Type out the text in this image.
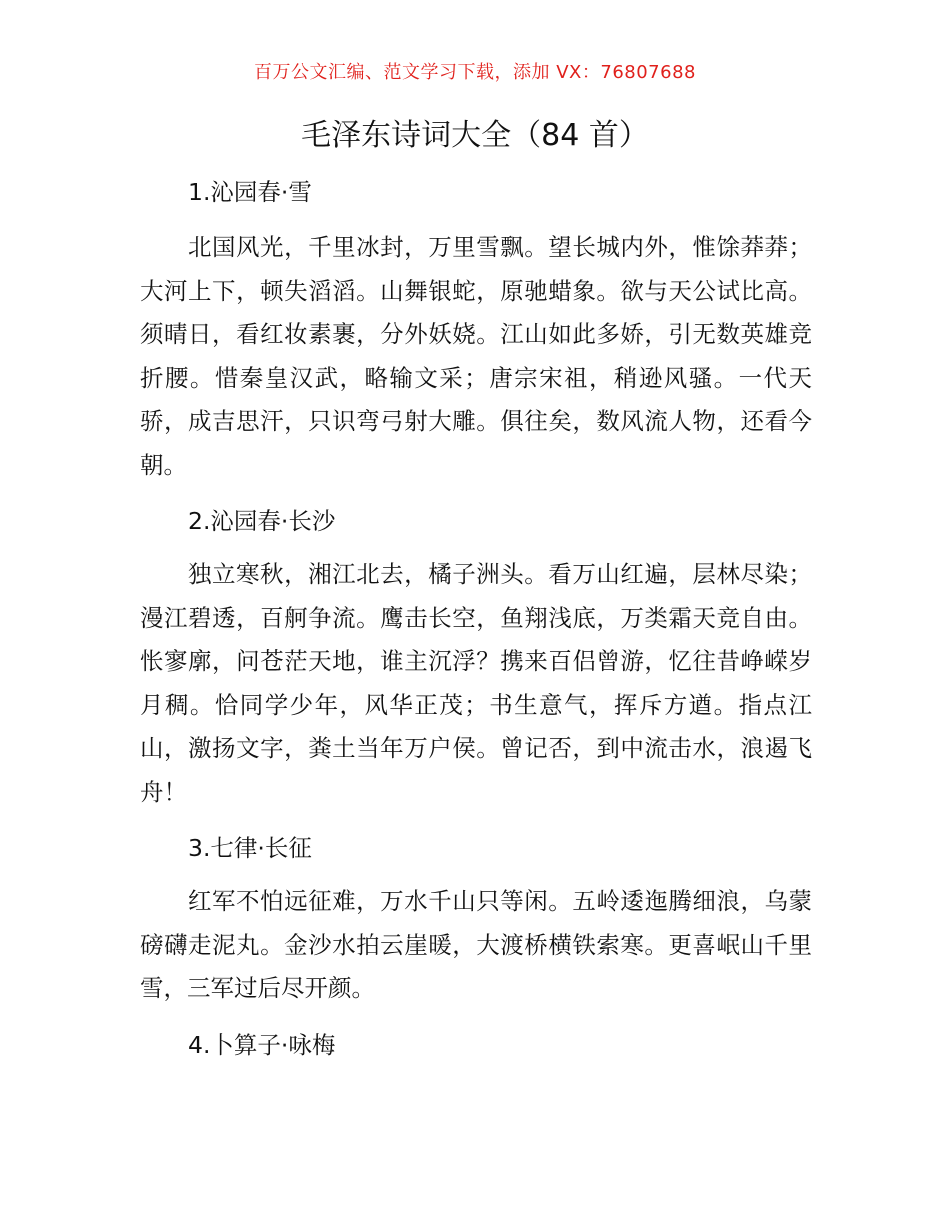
百万公文汇编、范文学习下载，添加 VX：76807688
毛泽东诗词大全（84 首）

1.沁园春·雪

北国风光，千里冰封，万里雪飘。望长城内外，惟馀莽莽；大河上下，顿失滔滔。山舞银蛇，原驰蜡象。欲与天公试比高。须晴日，看红妆素裹，分外妖娆。江山如此多娇，引无数英雄竞折腰。惜秦皇汉武，略输文采；唐宗宋祖，稍逊风骚。一代天骄，成吉思汗，只识弯弓射大雕。俱往矣，数风流人物，还看今朝。

2.沁园春·长沙

独立寒秋，湘江北去，橘子洲头。看万山红遍，层林尽染；漫江碧透，百舸争流。鹰击长空，鱼翔浅底，万类霜天竞自由。怅寥廓，问苍茫天地，谁主沉浮？携来百侣曾游，忆往昔峥嵘岁月稠。恰同学少年，风华正茂；书生意气，挥斥方遒。指点江山，激扬文字，粪土当年万户侯。曾记否，到中流击水，浪遏飞舟！

3.七律·长征

红军不怕远征难，万水千山只等闲。五岭逶迤腾细浪，乌蒙磅礴走泥丸。金沙水拍云崖暖，大渡桥横铁索寒。更喜岷山千里雪，三军过后尽开颜。

4.卜算子·咏梅
